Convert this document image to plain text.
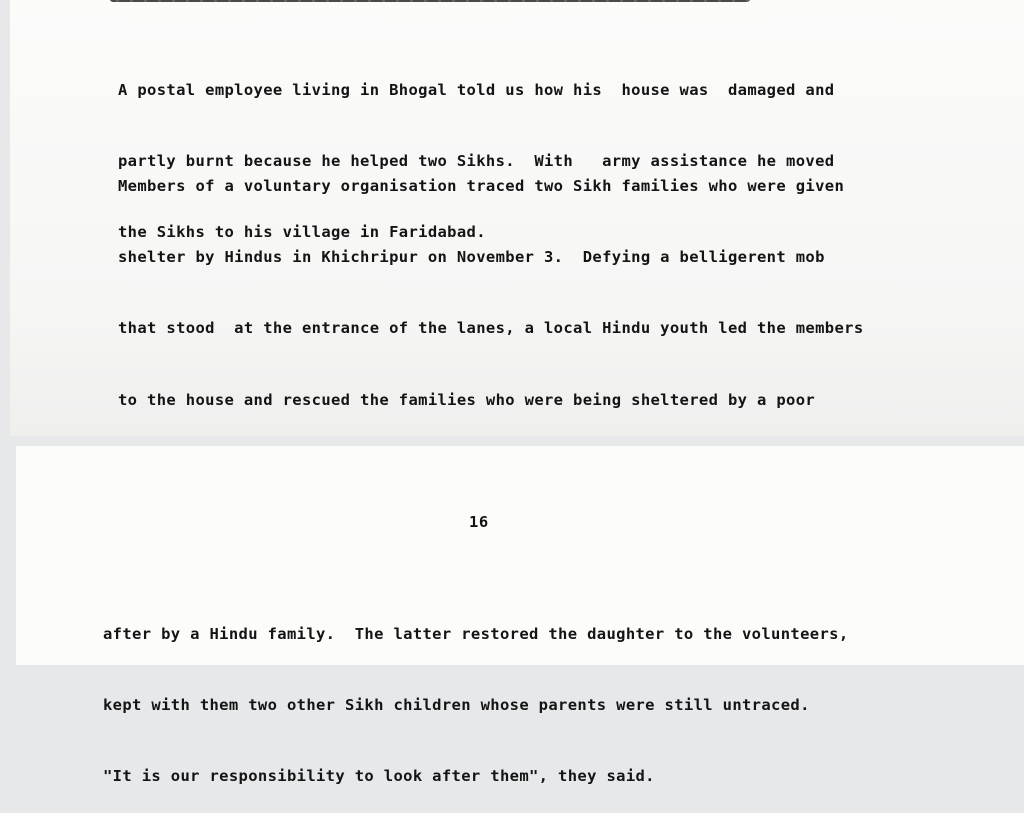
A postal employee living in Bhogal told us how his  house was  damaged and

partly burnt because he helped two Sikhs.  With   army assistance he moved

the Sikhs to his village in Faridabad.

Members of a voluntary organisation traced two Sikh families who were given

shelter by Hindus in Khichripur on November 3.  Defying a belligerent mob

that stood  at the entrance of the lanes, a local Hindu youth led the members

to the house and rescued the families who were being sheltered by a poor

16

after by a Hindu family.  The latter restored the daughter to the volunteers,

kept with them two other Sikh children whose parents were still untraced.

"It is our responsibility to look after them", they said.
